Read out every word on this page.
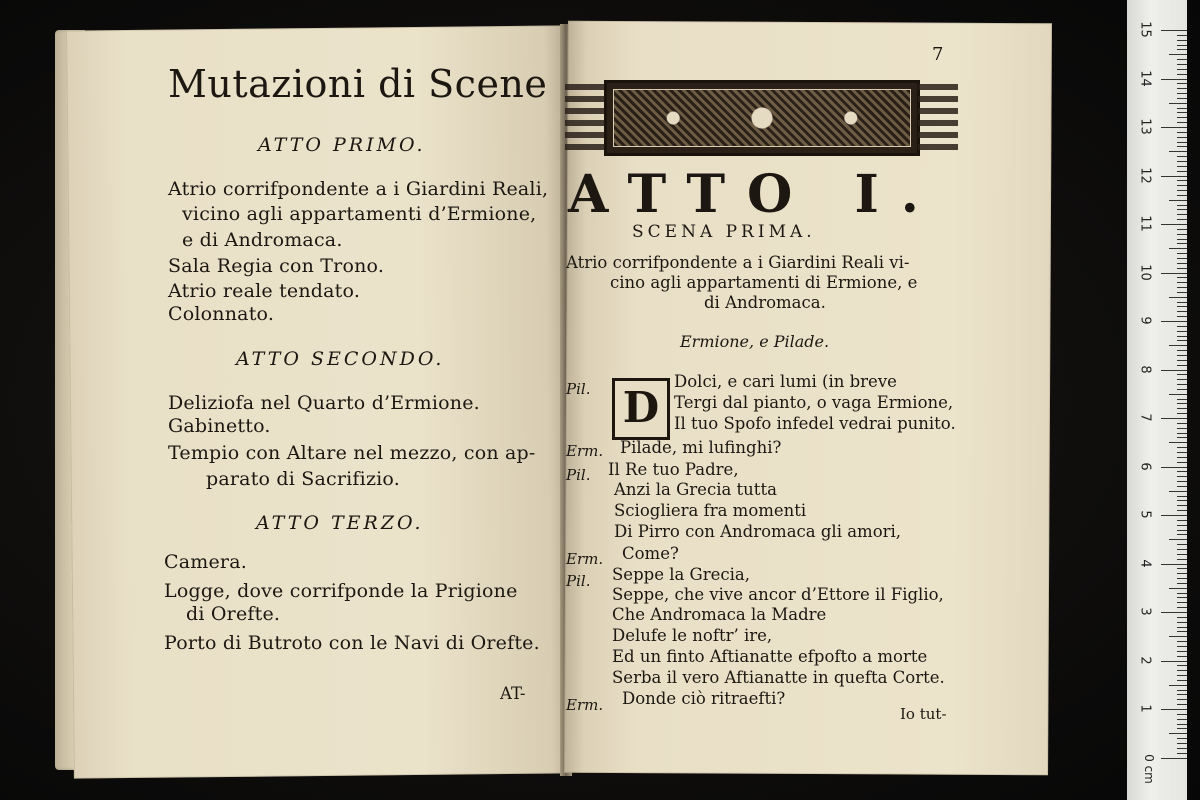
Mutazioni di Scene
ATTO PRIMO.
Atrio corrifpondente a i Giardini Reali,
vicino agli appartamenti d’Ermione,
e di Andromaca.
Sala Regia con Trono.
Atrio reale tendato.
Colonnato.
ATTO SECONDO.
Deliziofa nel Quarto d’Ermione.
Gabinetto.
Tempio con Altare nel mezzo, con ap-
parato di Sacrifizio.
ATTO TERZO.
Camera.
Logge, dove corrifponde la Prigione
di Orefte.
Porto di Butroto con le Navi di Orefte.
AT-
7
ATTO I.
SCENA PRIMA.
Atrio corrifpondente a i Giardini Reali vi-
cino agli appartamenti di Ermione, e
di Andromaca.
Ermione, e Pilade.
D
Pil.	Dolci, e cari lumi (in breve
Tergi dal pianto, o vaga Ermione,
Il tuo Spofo infedel vedrai punito.
Erm. Pilade, mi lufinghi?
Pil. Il Re tuo Padre,
Anzi la Grecia tutta
Sciogliera fra momenti
Di Pirro con Andromaca gli amori,
Erm. Come?
Pil. Seppe la Grecia,
Seppe, che vive ancor d’Ettore il Figlio,
Che Andromaca la Madre
Delufe le noftr’ ire,
Ed un finto Aftianatte efpofto a morte
Serba il vero Aftianatte in quefta Corte.
Erm. Donde ciò ritraefti?
Io tut-
15
14
13
12
11
10
9
8
7
6
5
4
3
2
1
0 cm
